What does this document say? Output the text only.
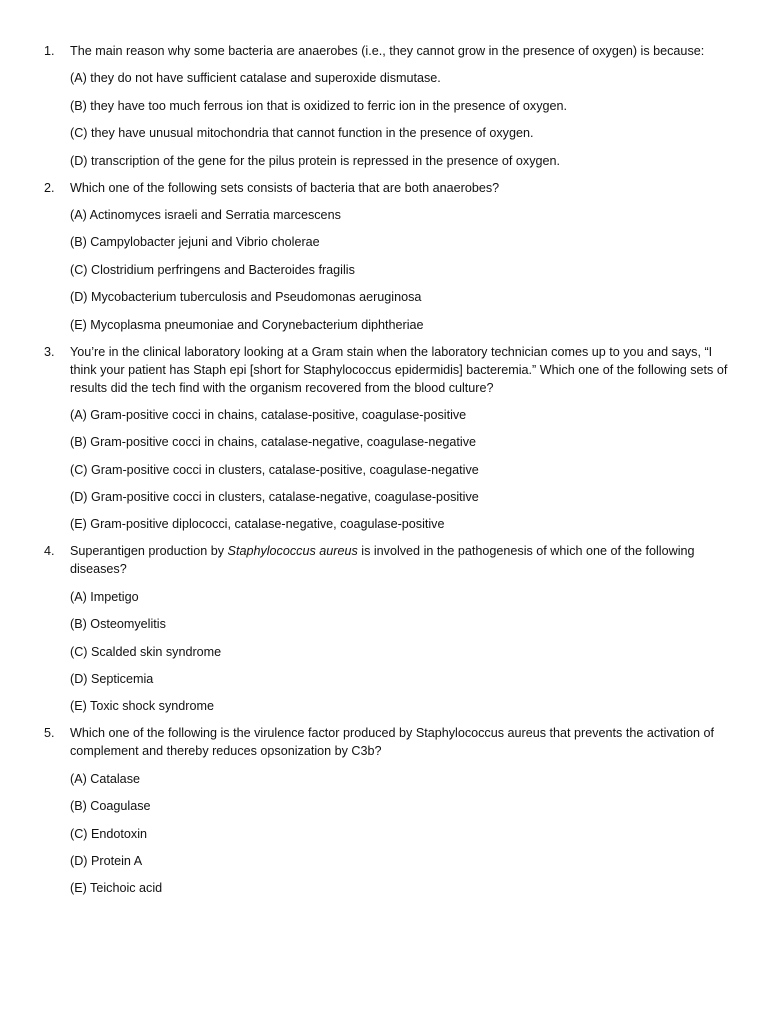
1.	The main reason why some bacteria are anaerobes (i.e., they cannot grow in the presence of oxygen) is because:

(A) they do not have sufficient catalase and superoxide dismutase.

(B) they have too much ferrous ion that is oxidized to ferric ion in the presence of oxygen.

(C) they have unusual mitochondria that cannot function in the presence of oxygen.

(D) transcription of the gene for the pilus protein is repressed in the presence of oxygen.

2.	Which one of the following sets consists of bacteria that are both anaerobes?

(A) Actinomyces israeli and Serratia marcescens

(B) Campylobacter jejuni and Vibrio cholerae

(C) Clostridium perfringens and Bacteroides fragilis

(D) Mycobacterium tuberculosis and Pseudomonas aeruginosa

(E) Mycoplasma pneumoniae and Corynebacterium diphtheriae

3.	You’re in the clinical laboratory looking at a Gram stain when the laboratory technician comes up to you and says, “I think your patient has Staph epi [short for Staphylococcus epidermidis] bacteremia.” Which one of the following sets of results did the tech find with the organism recovered from the blood culture?

(A) Gram-positive cocci in chains, catalase-positive, coagulase-positive

(B) Gram-positive cocci in chains, catalase-negative, coagulase-negative

(C) Gram-positive cocci in clusters, catalase-positive, coagulase-negative

(D) Gram-positive cocci in clusters, catalase-negative, coagulase-positive

(E) Gram-positive diplococci, catalase-negative, coagulase-positive

4.	Superantigen production by Staphylococcus aureus is involved in the pathogenesis of which one of the following diseases?

(A) Impetigo

(B) Osteomyelitis

(C) Scalded skin syndrome

(D) Septicemia

(E) Toxic shock syndrome

5.	Which one of the following is the virulence factor produced by Staphylococcus aureus that prevents the activation of complement and thereby reduces opsonization by C3b?

(A) Catalase

(B) Coagulase

(C) Endotoxin

(D) Protein A

(E) Teichoic acid
